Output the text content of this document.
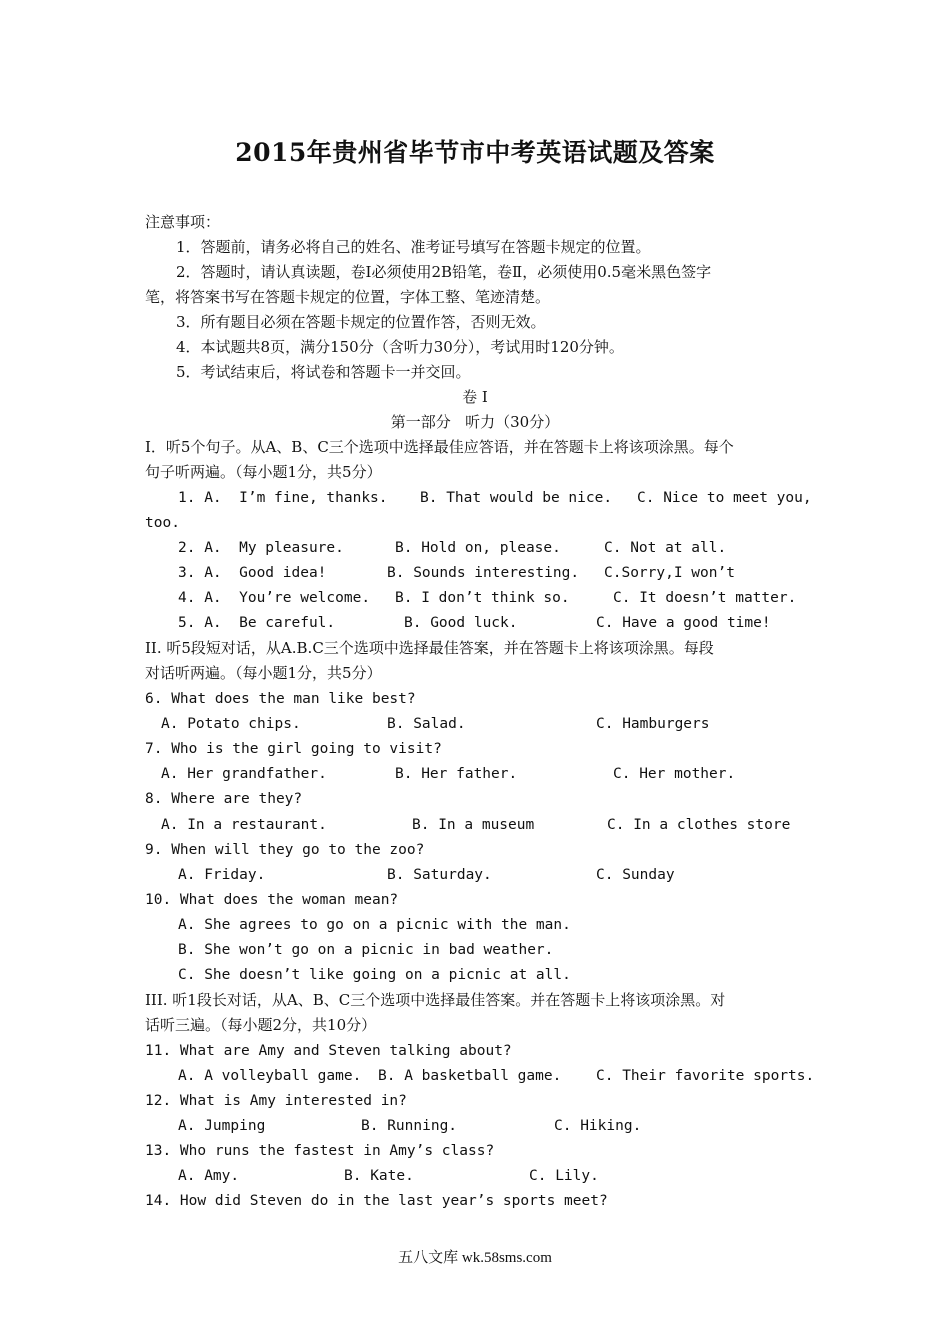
2015年贵州省毕节市中考英语试题及答案
注意事项：
1．答题前，请务必将自己的姓名、准考证号填写在答题卡规定的位置。
2．答题时，请认真读题，卷Ⅰ必须使用2B铅笔，卷Ⅱ，必须使用0.5毫米黑色签字
笔，将答案书写在答题卡规定的位置，字体工整、笔迹清楚。
3．所有题目必须在答题卡规定的位置作答，否则无效。
4．本试题共8页，满分150分（含听力30分），考试用时120分钟。
5．考试结束后，将试卷和答题卡一并交回。
卷 Ⅰ
第一部分   听力（30分）
I．听5个句子。从A、B、C三个选项中选择最佳应答语，并在答题卡上将该项涂黑。每个
句子听两遍。（每小题1分，共5分）
1. A.  I’m fine, thanks. B. That would be nice. C. Nice to meet you,
too.
2. A.  My pleasure.	B. Hold on, please.	C. Not at all.
3. A.  Good idea!	B. Sounds interesting. C.Sorry,I won’t
4. A.  You’re welcome. B. I don’t think so.	C. It doesn’t matter.
5. A.  Be careful.	B. Good luck.	C. Have a good time!
II. 听5段短对话，从A.B.C三个选项中选择最佳答案，并在答题卡上将该项涂黑。每段
对话听两遍。（每小题1分，共5分）
6. What does the man like best?
A. Potato chips.	B. Salad.	C. Hamburgers
7. Who is the girl going to visit?
A. Her grandfather.	B. Her father.	C. Her mother.
8. Where are they?
A. In a restaurant.	B. In a museum	C. In a clothes store
9. When will they go to the zoo?
A. Friday.	B. Saturday.	C. Sunday
10. What does the woman mean?
A. She agrees to go on a picnic with the man.
B. She won’t go on a picnic in bad weather.
C. She doesn’t like going on a picnic at all.
III. 听1段长对话，从A、B、C三个选项中选择最佳答案。并在答题卡上将该项涂黑。对
话听三遍。（每小题2分，共10分）
11. What are Amy and Steven talking about?
A. A volleyball game. B. A basketball game. C. Their favorite sports.
12. What is Amy interested in?
A. Jumping	B. Running.	C. Hiking.
13. Who runs the fastest in Amy’s class?
A. Amy.	B. Kate.	C. Lily.
14. How did Steven do in the last year’s sports meet?
五八文库 wk.58sms.com
